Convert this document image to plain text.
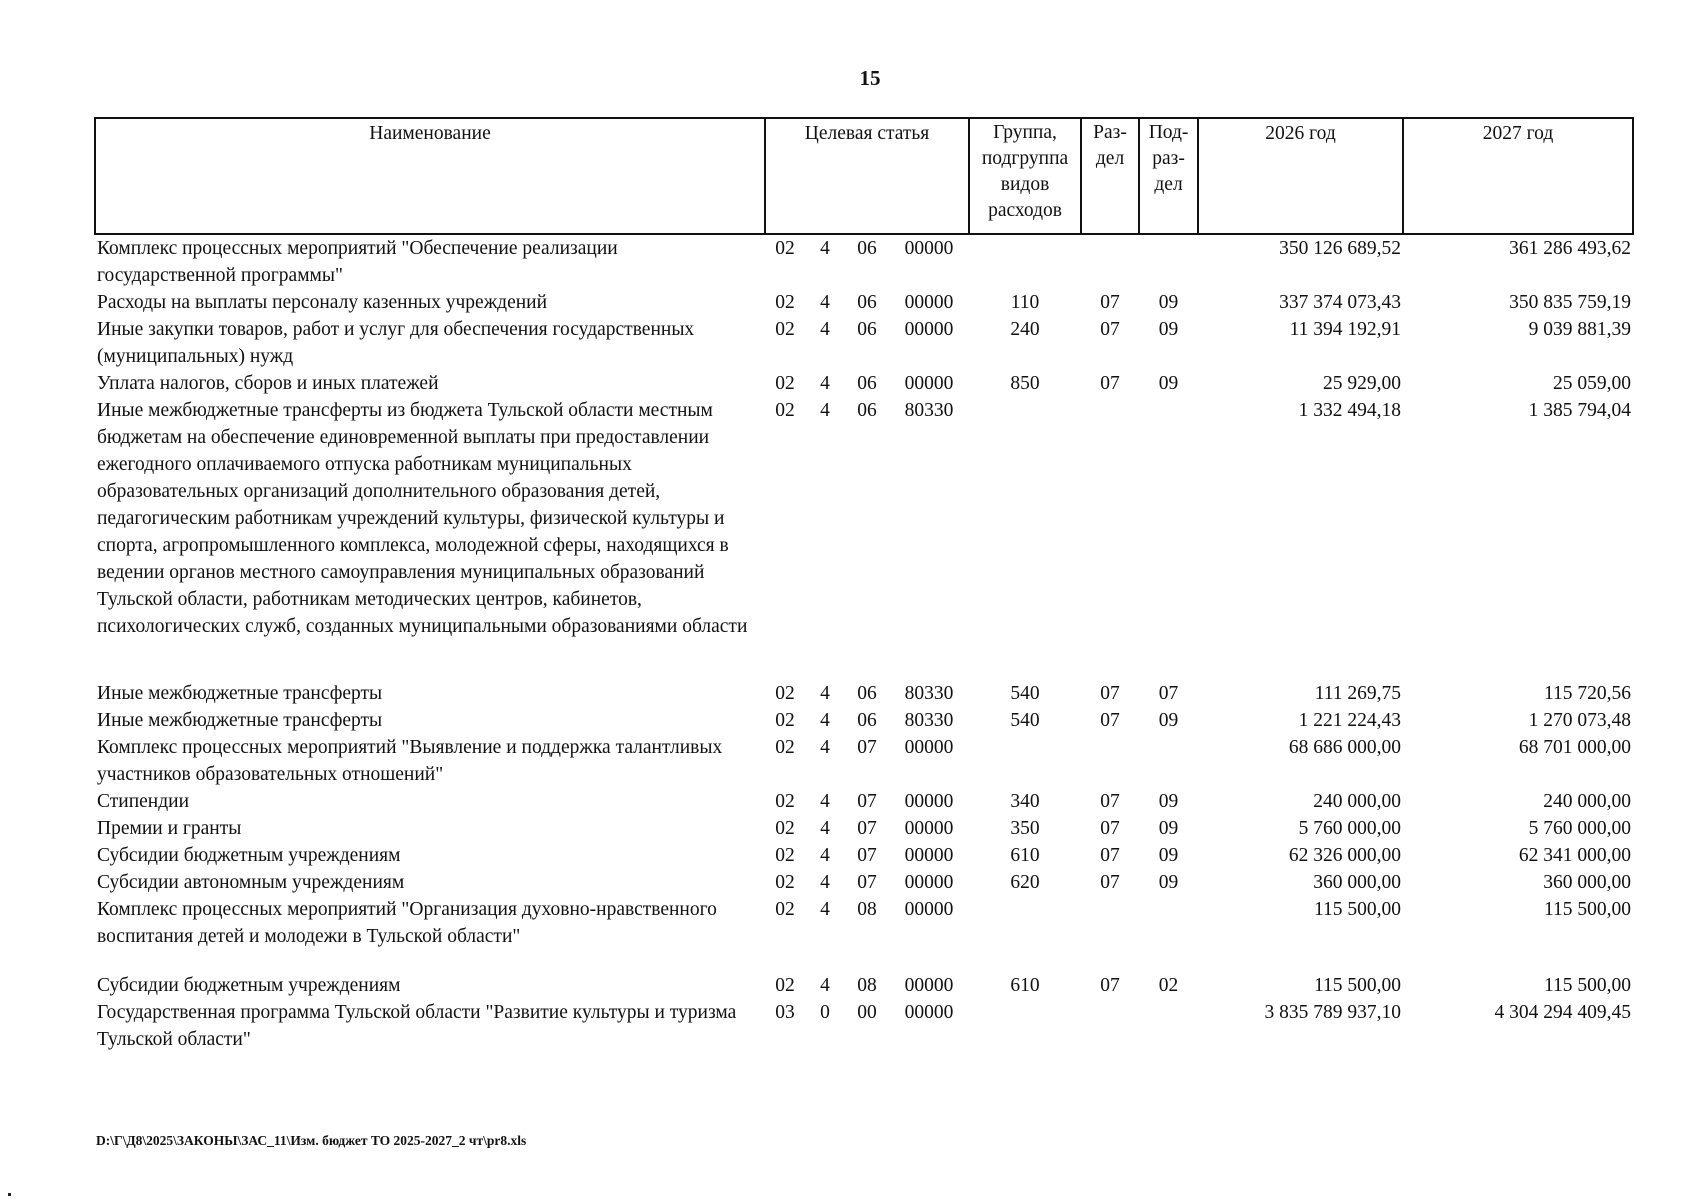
15
Наименование	Целевая статья				Группа, подгруппа видов расходов	Раз- дел	Под- раз- дел	2026 год	2027 год
Комплекс процессных мероприятий "Обеспечение реализации государственной программы"	02	4	06	00000				350 126 689,52	361 286 493,62
Расходы на выплаты персоналу казенных учреждений	02	4	06	00000	110	07	09	337 374 073,43	350 835 759,19
Иные закупки товаров, работ и услуг для обеспечения государственных (муниципальных) нужд	02	4	06	00000	240	07	09	11 394 192,91	9 039 881,39
Уплата налогов, сборов и иных платежей	02	4	06	00000	850	07	09	25 929,00	25 059,00
Иные межбюджетные трансферты из бюджета Тульской области местным бюджетам на обеспечение единовременной выплаты при предоставлении ежегодного оплачиваемого отпуска работникам муниципальных образовательных организаций дополнительного образования детей, педагогическим работникам учреждений культуры, физической культуры и спорта, агропромышленного комплекса, молодежной сферы, находящихся в ведении органов местного самоуправления муниципальных образований Тульской области, работникам методических центров, кабинетов, психологических служб, созданных муниципальными образованиями области	02	4	06	80330				1 332 494,18	1 385 794,04

Иные межбюджетные трансферты	02	4	06	80330	540	07	07	111 269,75	115 720,56
Иные межбюджетные трансферты	02	4	06	80330	540	07	09	1 221 224,43	1 270 073,48
Комплекс процессных мероприятий "Выявление и поддержка талантливых участников образовательных отношений"	02	4	07	00000				68 686 000,00	68 701 000,00
Стипендии	02	4	07	00000	340	07	09	240 000,00	240 000,00
Премии и гранты	02	4	07	00000	350	07	09	5 760 000,00	5 760 000,00
Субсидии бюджетным учреждениям	02	4	07	00000	610	07	09	62 326 000,00	62 341 000,00
Субсидии автономным учреждениям	02	4	07	00000	620	07	09	360 000,00	360 000,00
Комплекс процессных мероприятий "Организация духовно-нравственного воспитания детей и молодежи в Тульской области"	02	4	08	00000				115 500,00	115 500,00

Субсидии бюджетным учреждениям	02	4	08	00000	610	07	02	115 500,00	115 500,00
Государственная программа Тульской области "Развитие культуры и туризма Тульской области"	03	0	00	00000				3 835 789 937,10	4 304 294 409,45
D:\Г\Д8\2025\ЗАКОНЫ\ЗАС_11\Изм. бюджет ТО 2025-2027_2 чт\pr8.xls
